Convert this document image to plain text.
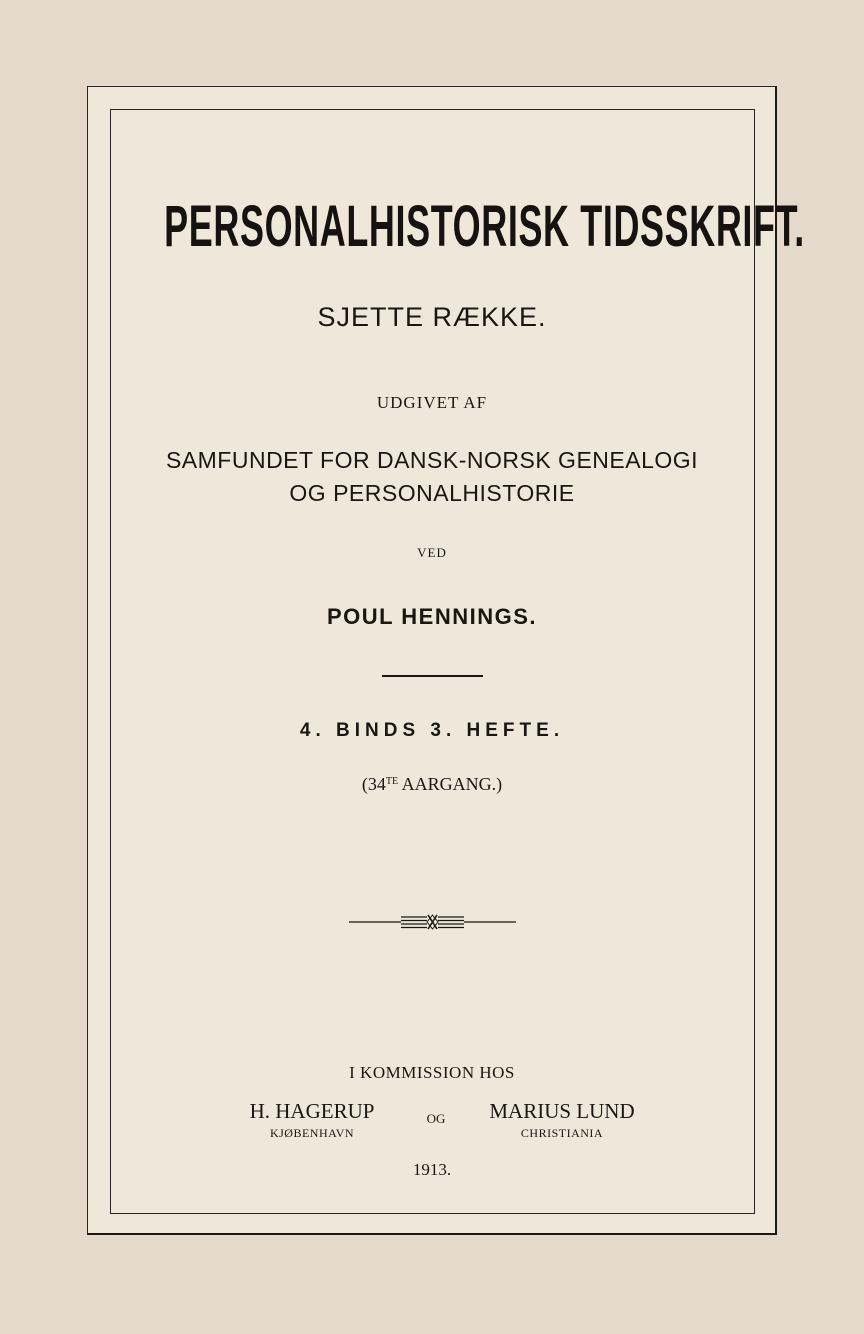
PERSONALHISTORISK TIDSSKRIFT.
SJETTE RÆKKE.
UDGIVET AF
SAMFUNDET FOR DANSK-NORSK GENEALOGI
OG PERSONALHISTORIE
VED
POUL HENNINGS.
4. BINDS 3. HEFTE.
($34^{TE}$ AARGANG.)
I KOMMISSION HOS
H. HAGERUP
KJØBENHAVN
OG	MARIUS LUND
CHRISTIANIA
1913.
